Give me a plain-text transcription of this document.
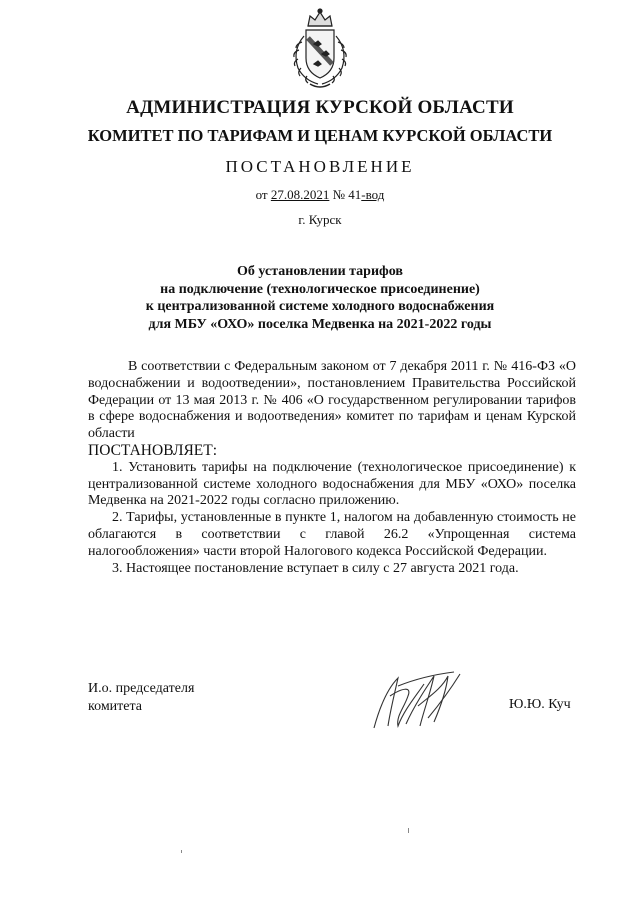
АДМИНИСТРАЦИЯ КУРСКОЙ ОБЛАСТИ
КОМИТЕТ ПО ТАРИФАМ И ЦЕНАМ КУРСКОЙ ОБЛАСТИ
ПОСТАНОВЛЕНИЕ
от 27.08.2021 № 41-вод
г. Курск
Об установлении тарифов
на подключение (технологическое присоединение)
к централизованной системе холодного водоснабжения
для МБУ «ОХО» поселка Медвенка на 2021-2022 годы

В соответствии с Федеральным законом от 7 декабря 2011 г. № 416-ФЗ «О водоснабжении и водоотведении», постановлением Правительства Российской Федерации от 13 мая 2013 г. № 406 «О государственном регулировании тарифов в сфере водоснабжения и водоотведения» комитет по тарифам и ценам Курской области

ПОСТАНОВЛЯЕТ:

1. Установить тарифы на подключение (технологическое присоединение) к централизованной системе холодного водоснабжения для МБУ «ОХО» поселка Медвенка на 2021-2022 годы согласно приложению.

2. Тарифы, установленные в пункте 1, налогом на добавленную стоимость не облагаются в соответствии с главой 26.2 «Упрощенная система налогообложения» части второй Налогового кодекса Российской Федерации.

3. Настоящее постановление вступает в силу с 27 августа 2021 года.

И.о. председателя
комитета	Ю.Ю. Куч
